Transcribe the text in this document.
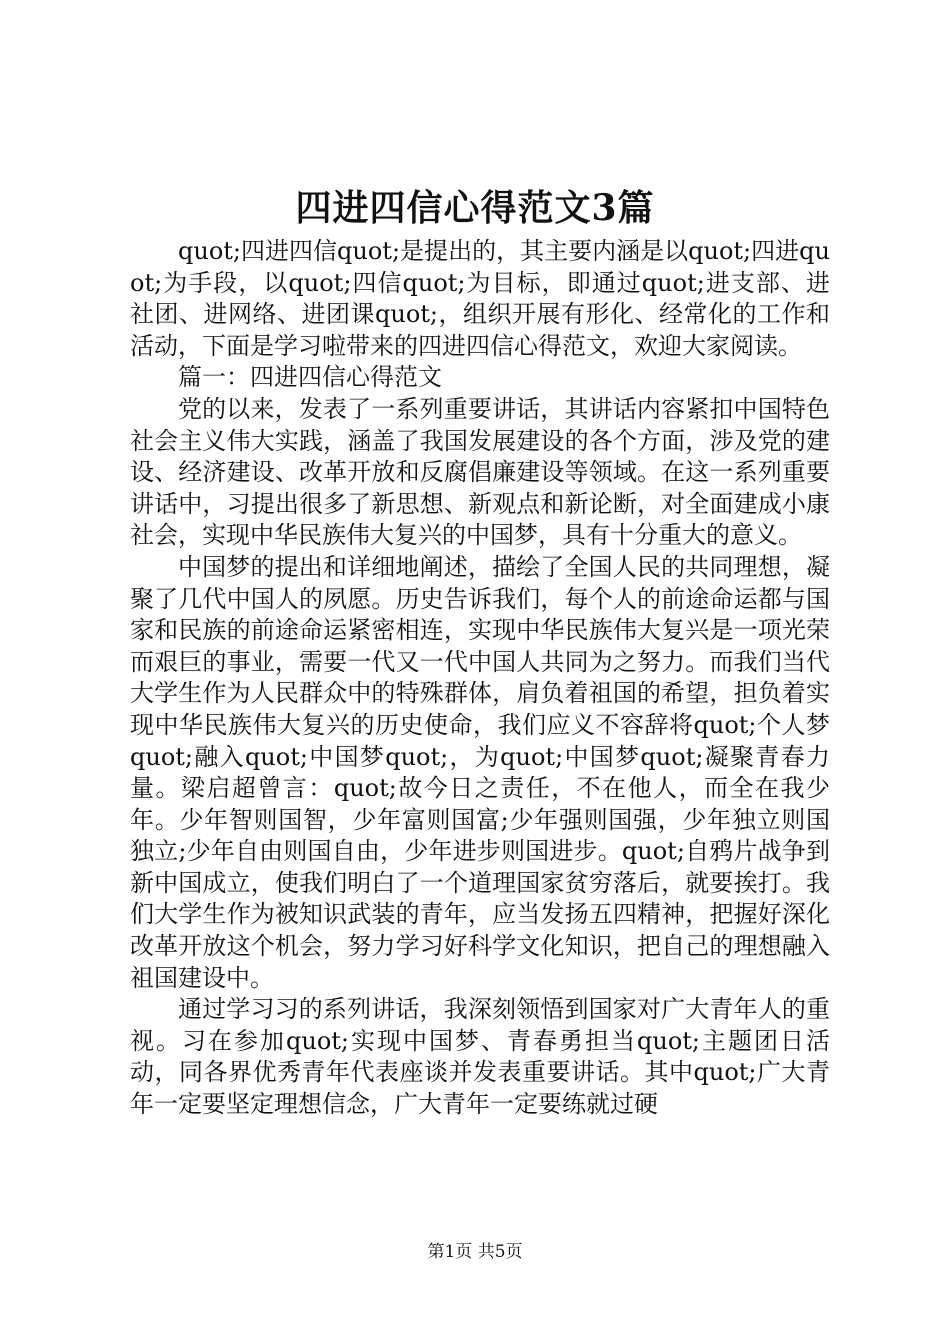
四进四信心得范文3篇

quot;四进四信quot;是提出的，其主要内涵是以quot;四进quot;为手段，以quot;四信quot;为目标，即通过quot;进支部、进社团、进网络、进团课quot;，组织开展有形化、经常化的工作和活动，下面是学习啦带来的四进四信心得范文，欢迎大家阅读。

篇一：四进四信心得范文

党的以来，发表了一系列重要讲话，其讲话内容紧扣中国特色社会主义伟大实践，涵盖了我国发展建设的各个方面，涉及党的建设、经济建设、改革开放和反腐倡廉建设等领域。在这一系列重要讲话中，习提出很多了新思想、新观点和新论断，对全面建成小康社会，实现中华民族伟大复兴的中国梦，具有十分重大的意义。

中国梦的提出和详细地阐述，描绘了全国人民的共同理想，凝聚了几代中国人的夙愿。历史告诉我们，每个人的前途命运都与国家和民族的前途命运紧密相连，实现中华民族伟大复兴是一项光荣而艰巨的事业，需要一代又一代中国人共同为之努力。而我们当代大学生作为人民群众中的特殊群体，肩负着祖国的希望，担负着实现中华民族伟大复兴的历史使命，我们应义不容辞将quot;个人梦quot;融入quot;中国梦quot;，为quot;中国梦quot;凝聚青春力量。梁启超曾言：quot;故今日之责任，不在他人，而全在我少年。少年智则国智，少年富则国富;少年强则国强，少年独立则国独立;少年自由则国自由，少年进步则国进步。quot;自鸦片战争到新中国成立，使我们明白了一个道理国家贫穷落后，就要挨打。我们大学生作为被知识武装的青年，应当发扬五四精神，把握好深化改革开放这个机会，努力学习好科学文化知识，把自己的理想融入祖国建设中。

通过学习习的系列讲话，我深刻领悟到国家对广大青年人的重视。习在参加quot;实现中国梦、青春勇担当quot;主题团日活动，同各界优秀青年代表座谈并发表重要讲话。其中quot;广大青年一定要坚定理想信念，广大青年一定要练就过硬

第1页 共5页
